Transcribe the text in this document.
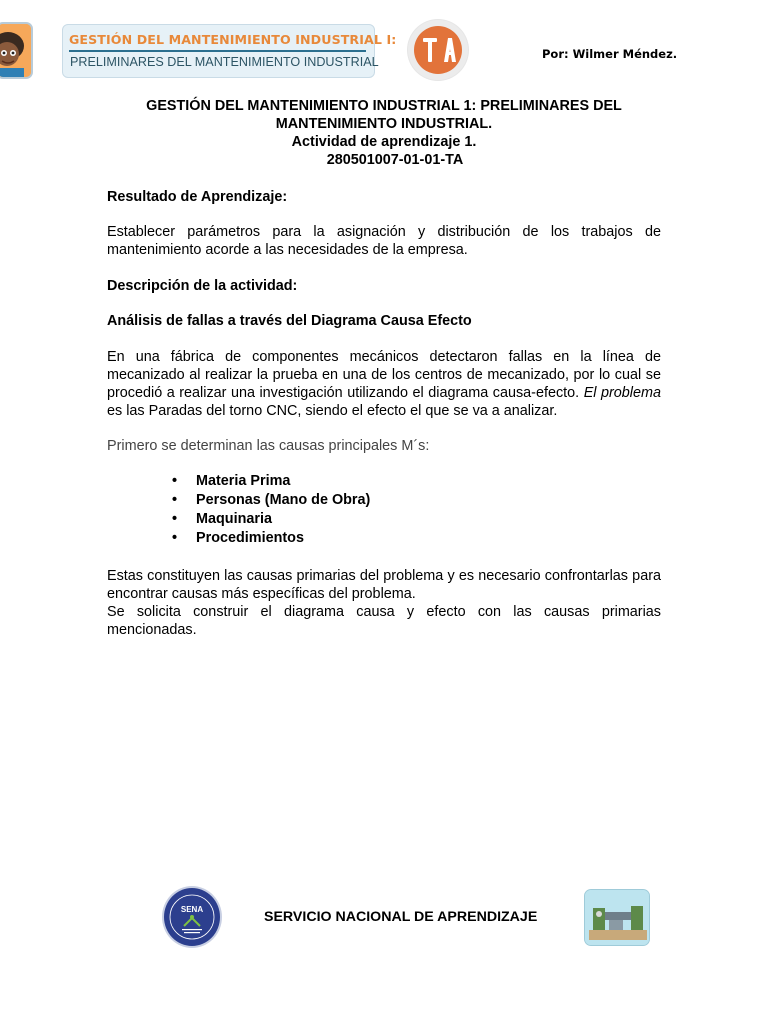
GESTIÓN DEL MANTENIMIENTO INDUSTRIAL I:
PRELIMINARES DEL MANTENIMIENTO INDUSTRIAL
Por: Wilmer Méndez.
GESTIÓN DEL MANTENIMIENTO INDUSTRIAL 1: PRELIMINARES DEL
MANTENIMIENTO INDUSTRIAL.
Actividad de aprendizaje 1.
280501007-01-01-TA
Resultado de Aprendizaje:
Establecer parámetros para la asignación y distribución de los trabajos de mantenimiento acorde a las necesidades de la empresa.
Descripción de la actividad:
Análisis de fallas a través del Diagrama Causa Efecto
En una fábrica de componentes mecánicos detectaron fallas en la línea de mecanizado al realizar la prueba en una de los centros de mecanizado, por lo cual se procedió a realizar una investigación utilizando el diagrama causa-efecto. El problema es las Paradas del torno CNC, siendo el efecto el que se va a analizar.
Primero se determinan las causas principales M´s:
• Materia Prima
• Personas (Mano de Obra)
• Maquinaria
• Procedimientos
Estas constituyen las causas primarias del problema y es necesario confrontarlas para encontrar causas más específicas del problema.
Se solicita construir el diagrama causa y efecto con las causas primarias mencionadas.
SENA	SERVICIO NACIONAL DE APRENDIZAJE
